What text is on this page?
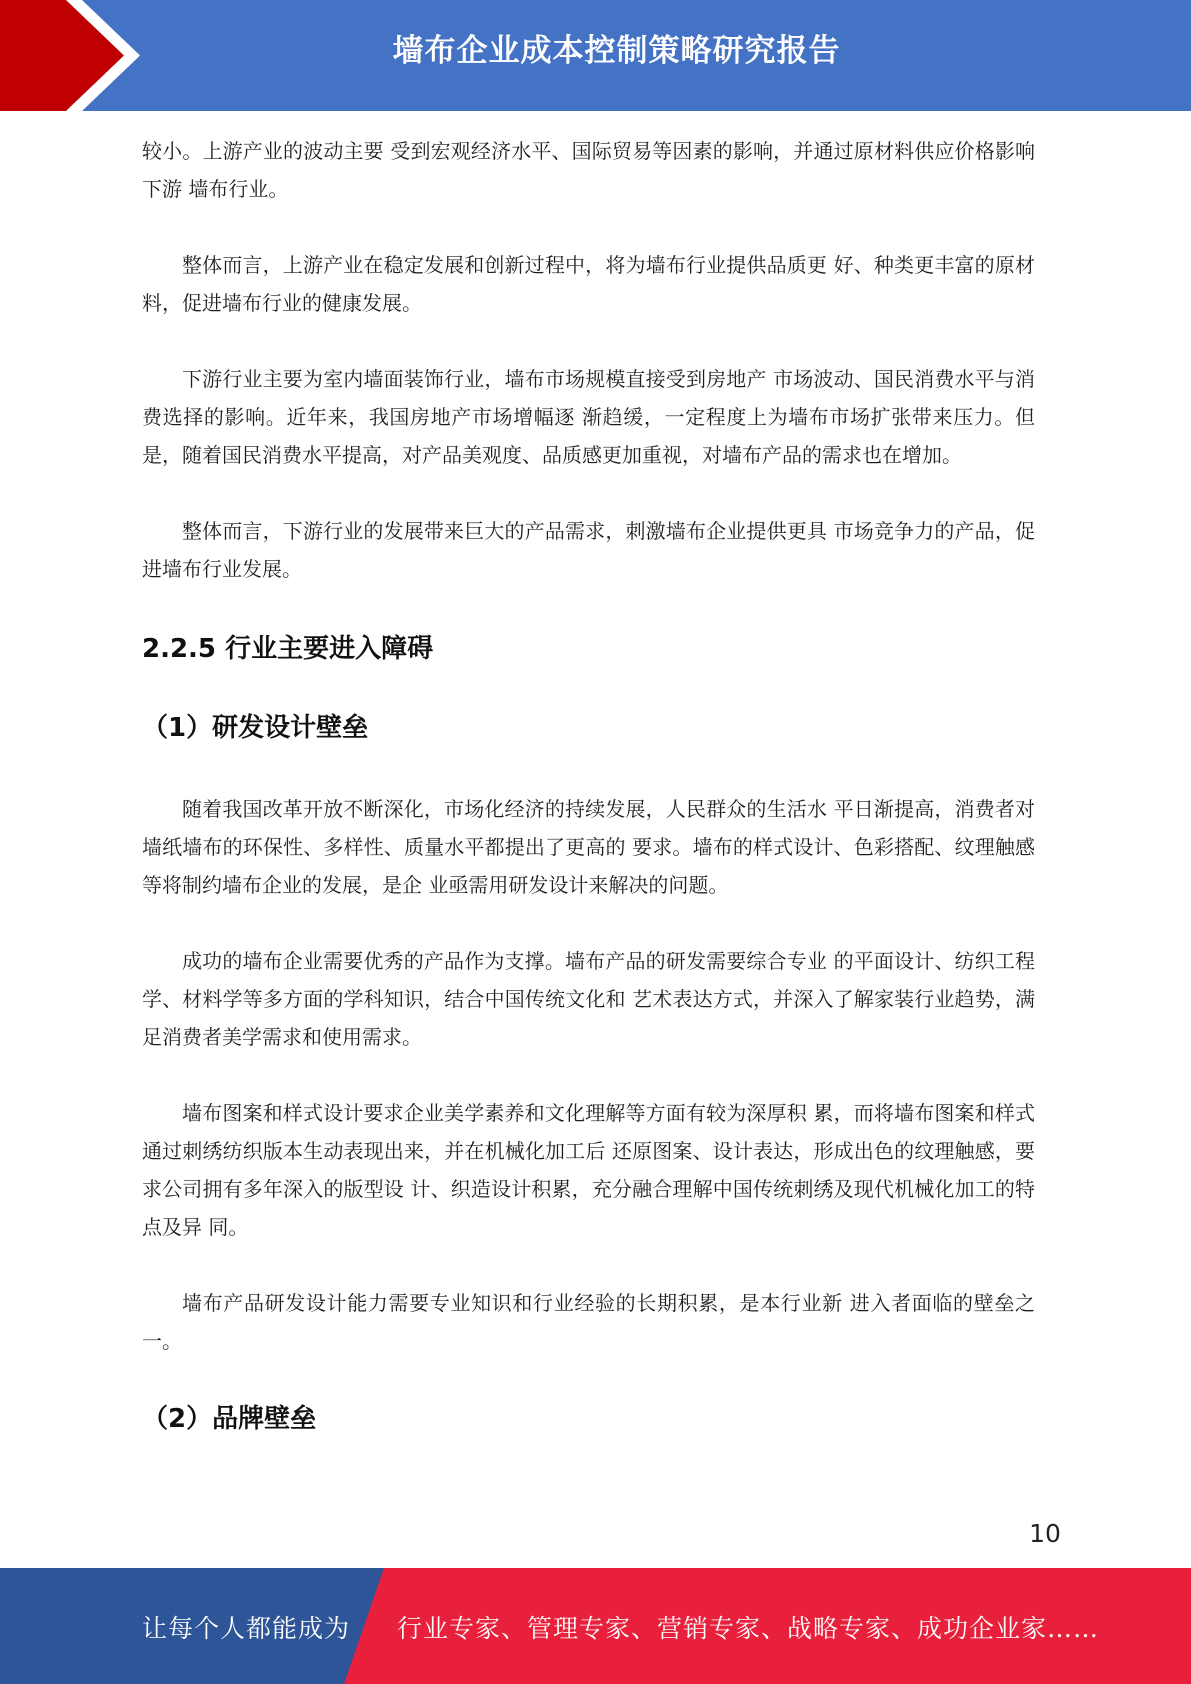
墙布企业成本控制策略研究报告

较小。上游产业的波动主要 受到宏观经济水平、国际贸易等因素的影响，并通过原材料供应价格影响下游 墙布行业。

整体而言，上游产业在稳定发展和创新过程中，将为墙布行业提供品质更 好、种类更丰富的原材料，促进墙布行业的健康发展。

下游行业主要为室内墙面装饰行业，墙布市场规模直接受到房地产 市场波动、国民消费水平与消费选择的影响。近年来，我国房地产市场增幅逐 渐趋缓，一定程度上为墙布市场扩张带来压力。但是，随着国民消费水平提高，对产品美观度、品质感更加重视，对墙布产品的需求也在增加。

整体而言，下游行业的发展带来巨大的产品需求，刺激墙布企业提供更具 市场竞争力的产品，促进墙布行业发展。

2.2.5 行业主要进入障碍
（1）研发设计壁垒

随着我国改革开放不断深化，市场化经济的持续发展，人民群众的生活水 平日渐提高，消费者对墙纸墙布的环保性、多样性、质量水平都提出了更高的 要求。墙布的样式设计、色彩搭配、纹理触感等将制约墙布企业的发展，是企 业亟需用研发设计来解决的问题。

成功的墙布企业需要优秀的产品作为支撑。墙布产品的研发需要综合专业 的平面设计、纺织工程学、材料学等多方面的学科知识，结合中国传统文化和 艺术表达方式，并深入了解家装行业趋势，满足消费者美学需求和使用需求。

墙布图案和样式设计要求企业美学素养和文化理解等方面有较为深厚积 累，而将墙布图案和样式通过刺绣纺织版本生动表现出来，并在机械化加工后 还原图案、设计表达，形成出色的纹理触感，要求公司拥有多年深入的版型设 计、织造设计积累，充分融合理解中国传统刺绣及现代机械化加工的特点及异 同。

墙布产品研发设计能力需要专业知识和行业经验的长期积累，是本行业新 进入者面临的壁垒之一。

（2）品牌壁垒
10
让每个人都能成为 行业专家、管理专家、营销专家、战略专家、成功企业家……
